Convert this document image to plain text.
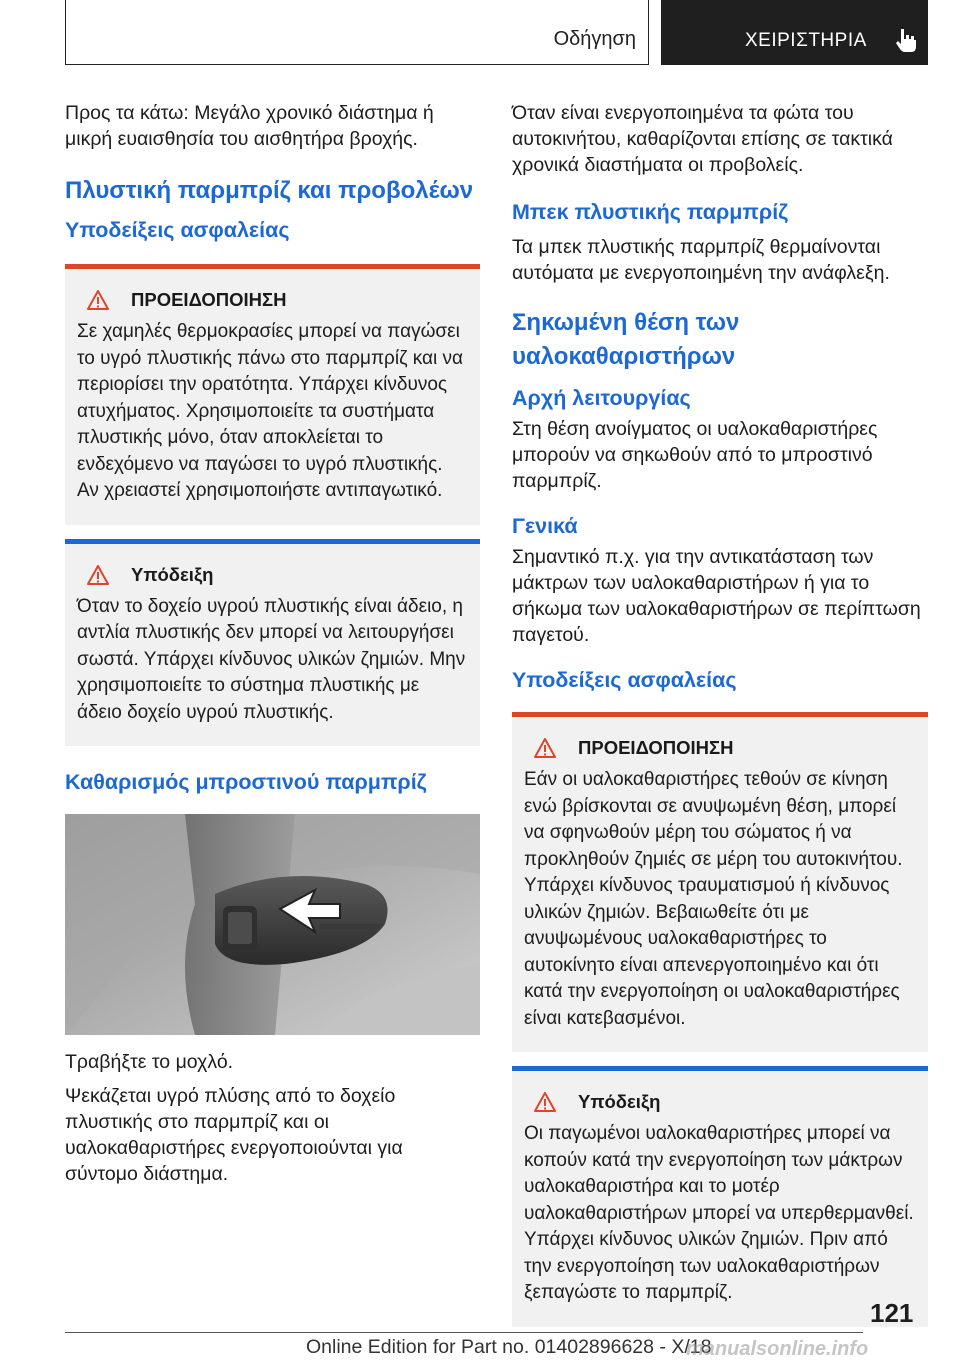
Οδήγηση	ΧΕΙΡΙΣΤΗΡΙΑ

Προς τα κάτω: Μεγάλο χρονικό διάστημα ή μικρή ευαισθησία του αισθητήρα βροχής.

Πλυστική παρμπρίζ και προβολέων
Υποδείξεις ασφαλείας
ΠΡΟΕΙΔΟΠΟΙΗΣΗ

Σε χαμηλές θερμοκρασίες μπορεί να παγώσει το υγρό πλυστικής πάνω στο παρμπρίζ και να περιορίσει την ορατότητα. Υπάρχει κίνδυνος ατυχήματος. Χρησιμοποιείτε τα συστήματα πλυστικής μόνο, όταν αποκλείεται το ενδεχόμενο να παγώσει το υγρό πλυστικής. Αν χρειαστεί χρησιμοποιήστε αντιπαγωτικό.

Υπόδειξη

Όταν το δοχείο υγρού πλυστικής είναι άδειο, η αντλία πλυστικής δεν μπορεί να λειτουργήσει σωστά. Υπάρχει κίνδυνος υλικών ζημιών. Μην χρησιμοποιείτε το σύστημα πλυστικής με άδειο δοχείο υγρού πλυστικής.

Καθαρισμός μπροστινού παρμπρίζ

Τραβήξτε το μοχλό.

Ψεκάζεται υγρό πλύσης από το δοχείο πλυστικής στο παρμπρίζ και οι υαλοκαθαριστήρες ενεργοποιούνται για σύντομο διάστημα.

Όταν είναι ενεργοποιημένα τα φώτα του αυτοκινήτου, καθαρίζονται επίσης σε τακτικά χρονικά διαστήματα οι προβολείς.

Μπεκ πλυστικής παρμπρίζ

Τα μπεκ πλυστικής παρμπρίζ θερμαίνονται αυτόματα με ενεργοποιημένη την ανάφλεξη.

Σηκωμένη θέση των υαλοκαθαριστήρων
Αρχή λειτουργίας

Στη θέση ανοίγματος οι υαλοκαθαριστήρες μπορούν να σηκωθούν από το μπροστινό παρμπρίζ.

Γενικά

Σημαντικό π.χ. για την αντικατάσταση των μάκτρων των υαλοκαθαριστήρων ή για το σήκωμα των υαλοκαθαριστήρων σε περίπτωση παγετού.

Υποδείξεις ασφαλείας
ΠΡΟΕΙΔΟΠΟΙΗΣΗ

Εάν οι υαλοκαθαριστήρες τεθούν σε κίνηση ενώ βρίσκονται σε ανυψωμένη θέση, μπορεί να σφηνωθούν μέρη του σώματος ή να προκληθούν ζημιές σε μέρη του αυτοκινήτου. Υπάρχει κίνδυνος τραυματισμού ή κίνδυνος υλικών ζημιών. Βεβαιωθείτε ότι με ανυψωμένους υαλοκαθαριστήρες το αυτοκίνητο είναι απενεργοποιημένο και ότι κατά την ενεργοποίηση οι υαλοκαθαριστήρες είναι κατεβασμένοι.

Υπόδειξη

Οι παγωμένοι υαλοκαθαριστήρες μπορεί να κοπούν κατά την ενεργοποίηση των μάκτρων υαλοκαθαριστήρα και το μοτέρ υαλοκαθαριστήρων μπορεί να υπερθερμανθεί. Υπάρχει κίνδυνος υλικών ζημιών. Πριν από την ενεργοποίηση των υαλοκαθαριστήρων ξεπαγώστε το παρμπρίζ.

121
Online Edition for Part no. 01402896628 - X/18
manualsonline.info
